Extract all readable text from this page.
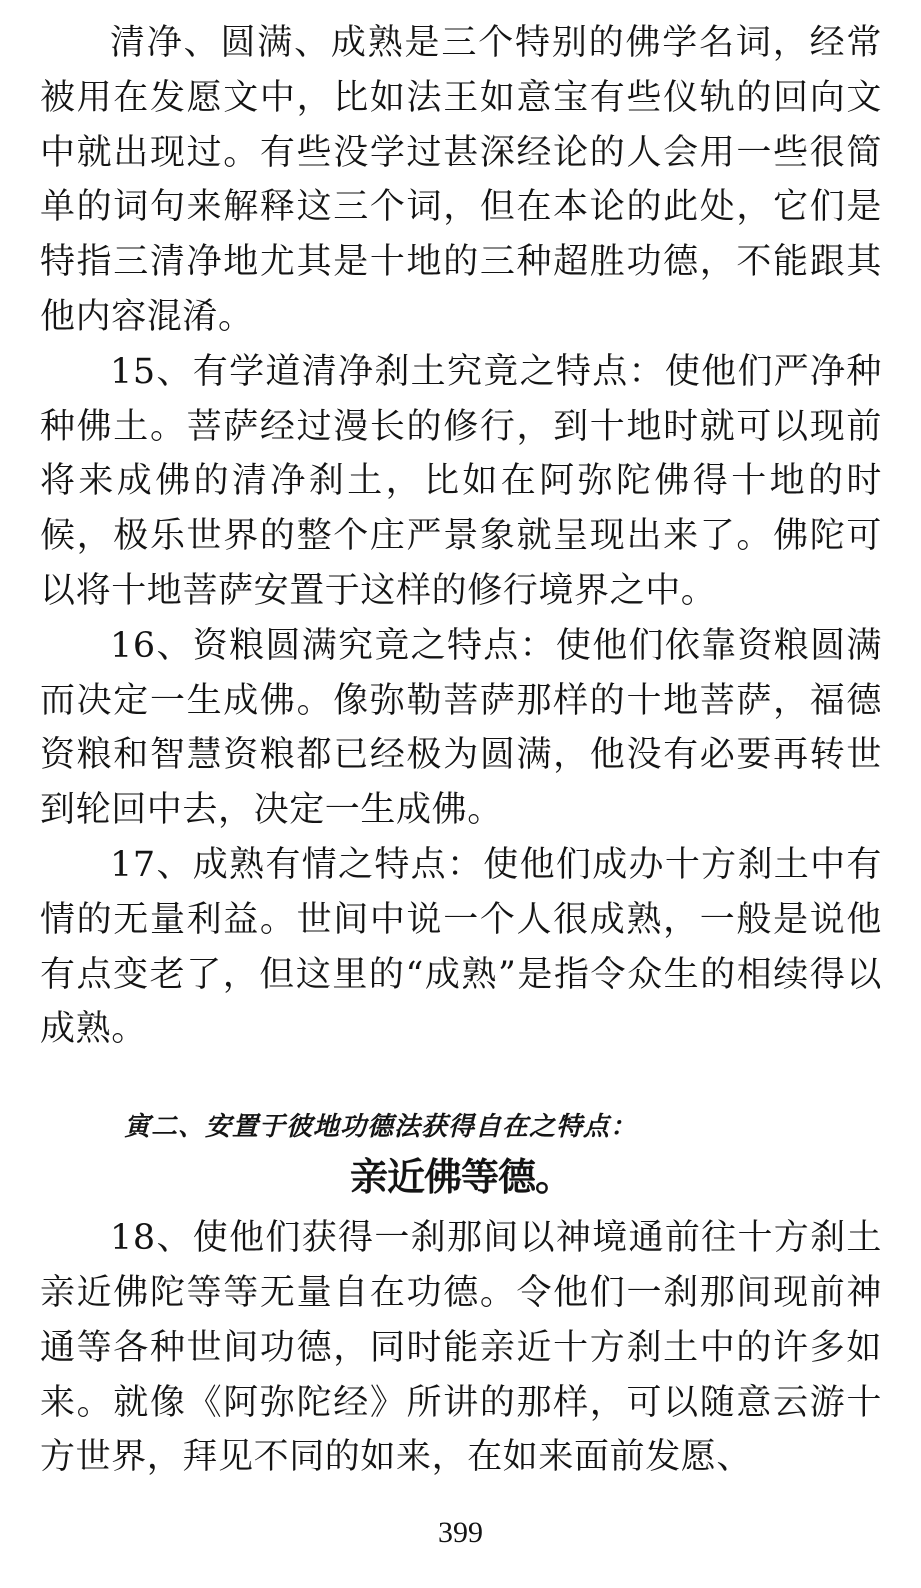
清净、圆满、成熟是三个特别的佛学名词，经常被用在发愿文中，比如法王如意宝有些仪轨的回向文中就出现过。有些没学过甚深经论的人会用一些很简单的词句来解释这三个词，但在本论的此处，它们是特指三清净地尤其是十地的三种超胜功德，不能跟其他内容混淆。

15、有学道清净刹土究竟之特点：使他们严净种种佛土。菩萨经过漫长的修行，到十地时就可以现前将来成佛的清净刹土，比如在阿弥陀佛得十地的时候，极乐世界的整个庄严景象就呈现出来了。佛陀可以将十地菩萨安置于这样的修行境界之中。

16、资粮圆满究竟之特点：使他们依靠资粮圆满而决定一生成佛。像弥勒菩萨那样的十地菩萨，福德资粮和智慧资粮都已经极为圆满，他没有必要再转世到轮回中去，决定一生成佛。

17、成熟有情之特点：使他们成办十方刹土中有情的无量利益。世间中说一个人很成熟，一般是说他有点变老了，但这里的“成熟”是指令众生的相续得以成熟。

寅二、安置于彼地功德法获得自在之特点：

亲近佛等德。

18、使他们获得一刹那间以神境通前往十方刹土亲近佛陀等等无量自在功德。令他们一刹那间现前神通等各种世间功德，同时能亲近十方刹土中的许多如来。就像《阿弥陀经》所讲的那样，可以随意云游十方世界，拜见不同的如来，在如来面前发愿、

399
